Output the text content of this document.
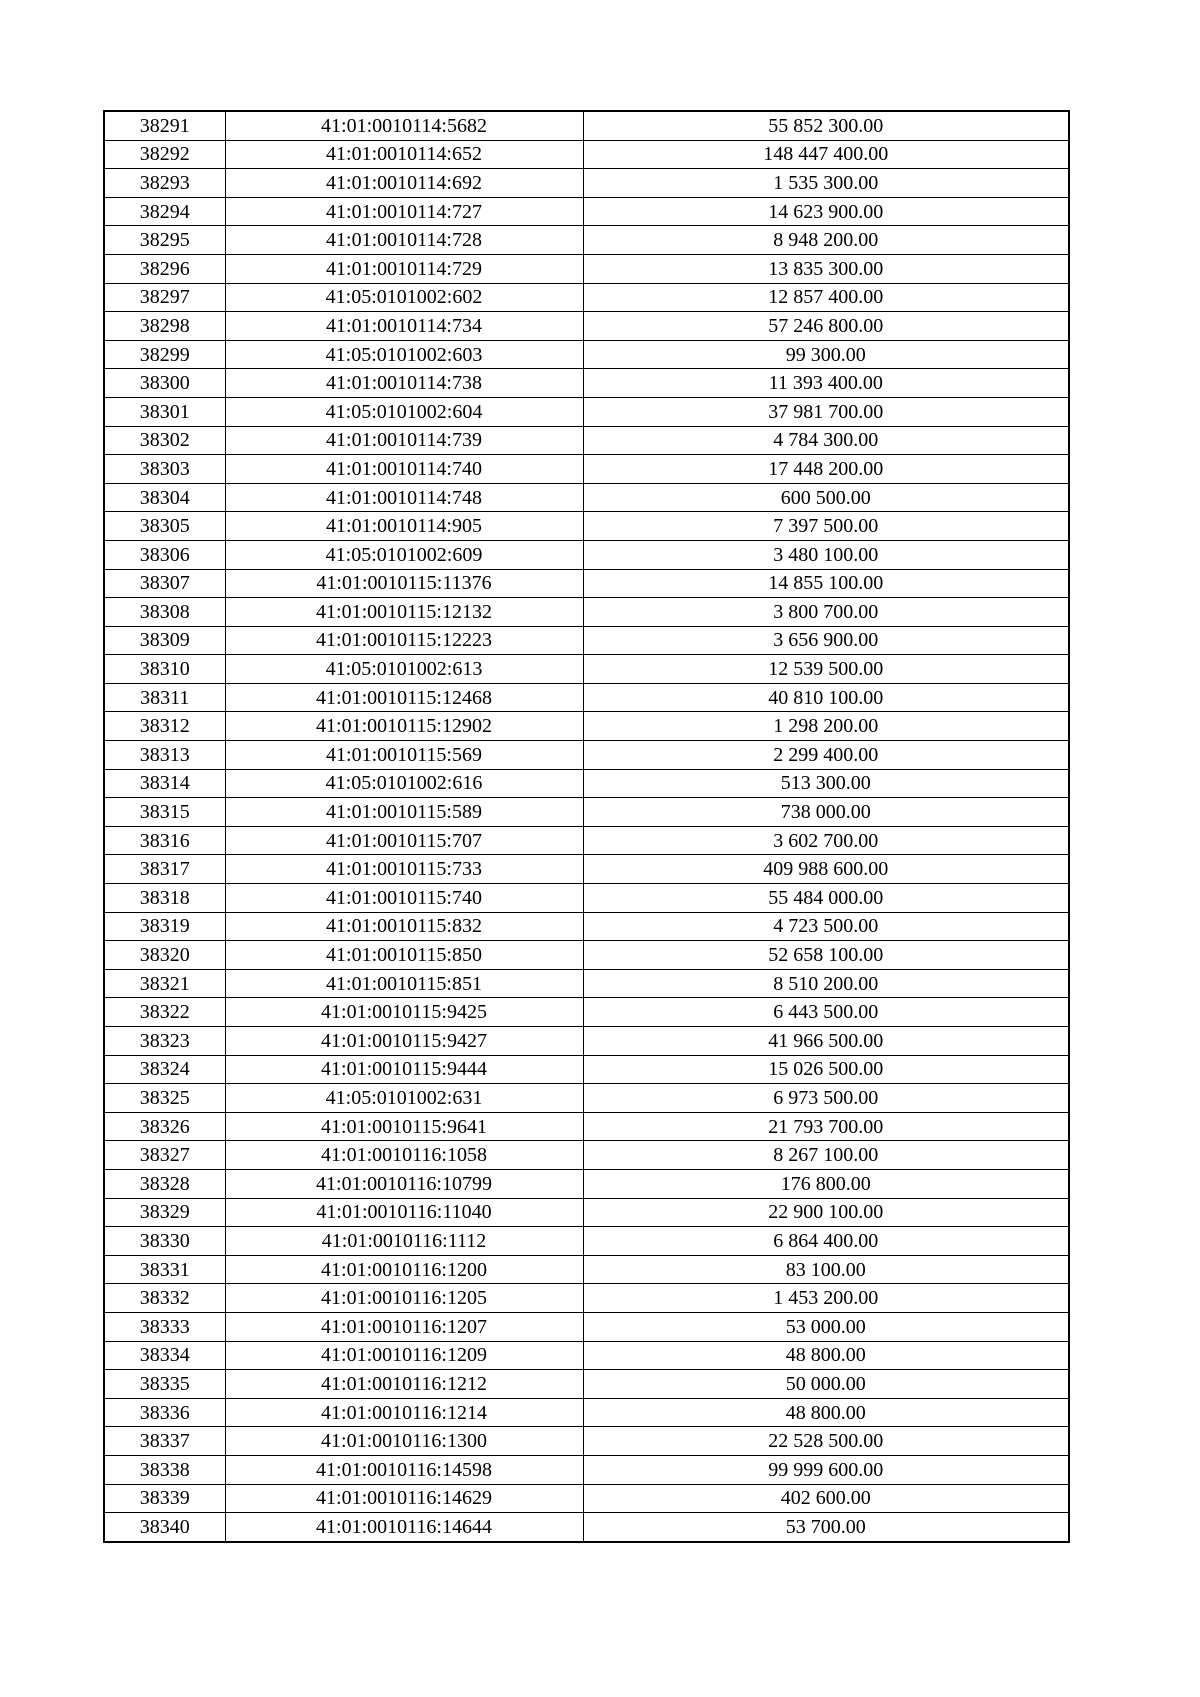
38291	41:01:0010114:5682	55 852 300.00
38292	41:01:0010114:652	148 447 400.00
38293	41:01:0010114:692	1 535 300.00
38294	41:01:0010114:727	14 623 900.00
38295	41:01:0010114:728	8 948 200.00
38296	41:01:0010114:729	13 835 300.00
38297	41:05:0101002:602	12 857 400.00
38298	41:01:0010114:734	57 246 800.00
38299	41:05:0101002:603	99 300.00
38300	41:01:0010114:738	11 393 400.00
38301	41:05:0101002:604	37 981 700.00
38302	41:01:0010114:739	4 784 300.00
38303	41:01:0010114:740	17 448 200.00
38304	41:01:0010114:748	600 500.00
38305	41:01:0010114:905	7 397 500.00
38306	41:05:0101002:609	3 480 100.00
38307	41:01:0010115:11376	14 855 100.00
38308	41:01:0010115:12132	3 800 700.00
38309	41:01:0010115:12223	3 656 900.00
38310	41:05:0101002:613	12 539 500.00
38311	41:01:0010115:12468	40 810 100.00
38312	41:01:0010115:12902	1 298 200.00
38313	41:01:0010115:569	2 299 400.00
38314	41:05:0101002:616	513 300.00
38315	41:01:0010115:589	738 000.00
38316	41:01:0010115:707	3 602 700.00
38317	41:01:0010115:733	409 988 600.00
38318	41:01:0010115:740	55 484 000.00
38319	41:01:0010115:832	4 723 500.00
38320	41:01:0010115:850	52 658 100.00
38321	41:01:0010115:851	8 510 200.00
38322	41:01:0010115:9425	6 443 500.00
38323	41:01:0010115:9427	41 966 500.00
38324	41:01:0010115:9444	15 026 500.00
38325	41:05:0101002:631	6 973 500.00
38326	41:01:0010115:9641	21 793 700.00
38327	41:01:0010116:1058	8 267 100.00
38328	41:01:0010116:10799	176 800.00
38329	41:01:0010116:11040	22 900 100.00
38330	41:01:0010116:1112	6 864 400.00
38331	41:01:0010116:1200	83 100.00
38332	41:01:0010116:1205	1 453 200.00
38333	41:01:0010116:1207	53 000.00
38334	41:01:0010116:1209	48 800.00
38335	41:01:0010116:1212	50 000.00
38336	41:01:0010116:1214	48 800.00
38337	41:01:0010116:1300	22 528 500.00
38338	41:01:0010116:14598	99 999 600.00
38339	41:01:0010116:14629	402 600.00
38340	41:01:0010116:14644	53 700.00
